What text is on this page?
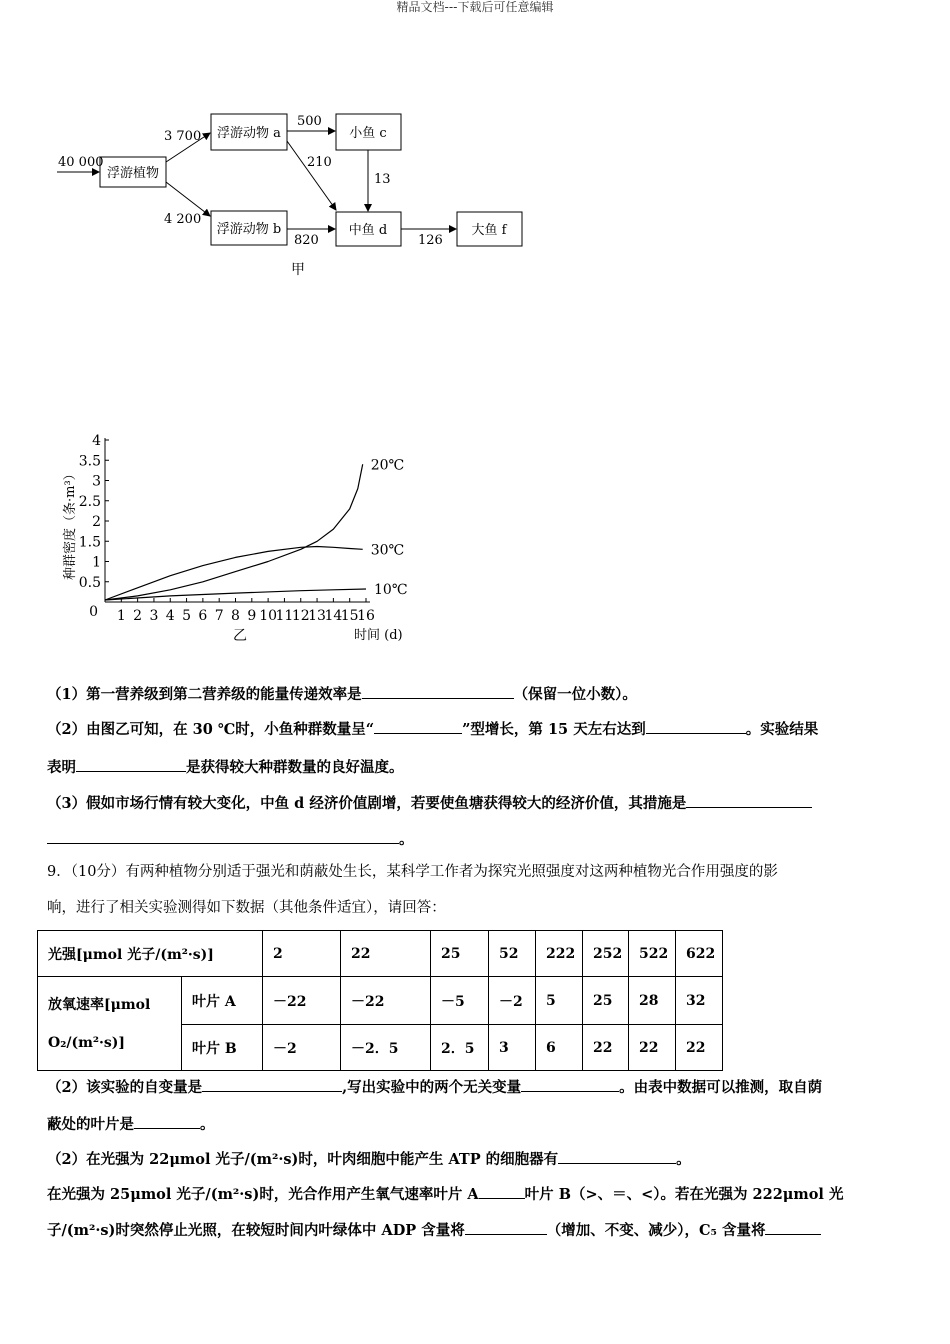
精品文档---下载后可任意编辑
浮游植物
浮游动物 a
浮游动物 b
小鱼 c
中鱼 d	大鱼 f
40 000
3 700
4 200
500
210
13
820	126
甲
种群密度（条·m³）
4
3.5
3
2.5
2
1.5
1
0.5
0 1 2 3 4 5 6 7 8 9 10
11
12
13
14
15
16
20℃
30℃
10℃
时间 (d)
乙
（1）第一营养级到第二营养级的能量传递效率是	（保留一位小数）。
（2）由图乙可知，在 30 ℃时，小鱼种群数量呈“	”型增长，第 15 天左右达到	。实验结果
表明	是获得较大种群数量的良好温度。
（3）假如市场行情有较大变化，中鱼 d 经济价值剧增，若要使鱼塘获得较大的经济价值，其措施是
。
9．（10分）有两种植物分别适于强光和荫蔽处生长，某科学工作者为探究光照强度对这两种植物光合作用强度的影
响，进行了相关实验测得如下数据（其他条件适宜），请回答：
光强[μmol 光子/(m²·s)]		2	22	25	52	222	252	522	622

放氧速率[μmol
O₂/(m²·s)]	叶片 A	－22	－22	－5	－2	5	25	28	32
	叶片 B	－2	－2．5	2．5	3	6	22	22	22
（2）该实验的自变量是	,写出实验中的两个无关变量	。由表中数据可以推测，取自荫
蔽处的叶片是	。
（2）在光强为 22μmol 光子/(m²·s)时，叶肉细胞中能产生 ATP 的细胞器有	。
在光强为 25μmol 光子/(m²·s)时，光合作用产生氧气速率叶片 A	叶片 B（>、＝、<）。若在光强为 222μmol 光
子/(m²·s)时突然停止光照，在较短时间内叶绿体中 ADP 含量将	（增加、不变、减少），C₅ 含量将
